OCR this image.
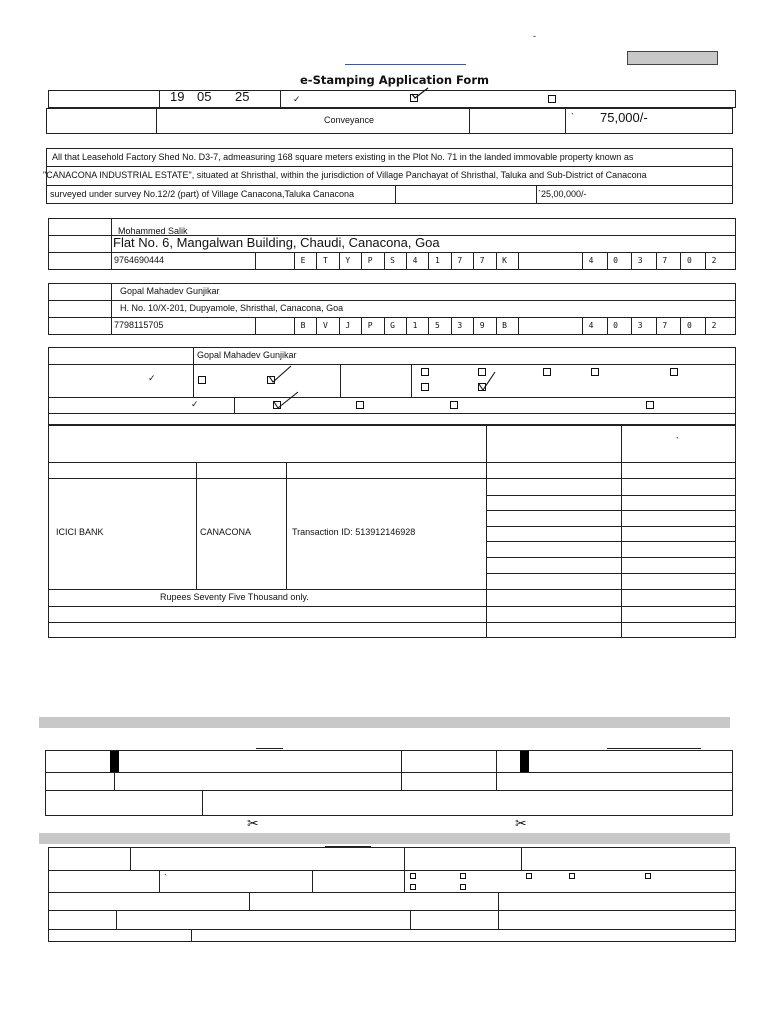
-
e-Stamping Application Form
19 05 25	✓
Conveyance	` 75,000/-
All that Leasehold Factory Shed No. D3-7, admeasuring 168 square meters existing in the Plot No. 71 in the landed immovable property known as
"CANACONA INDUSTRIAL ESTATE", situated at Shristhal, within the jurisdiction of Village Panchayat of Shristhal, Taluka and Sub-District of Canacona
surveyed under survey No.12/2 (part) of Village Canacona,Taluka Canacona	`25,00,000/-
Mohammed Salik
Flat No. 6, Mangalwan Building, Chaudi, Canacona, Goa
9764690444	E	T	Y	P	S	4	1	7	7	K	4	0	3	7	0	2
Gopal Mahadev Gunjikar
H. No. 10/X-201, Dupyamole, Shristhal, Canacona, Goa
7798115705	B	V	J	P	G	1	5	3	9	B	4	0	3	7	0	2
Gopal Mahadev Gunjikar
✓
✓
`
ICICI BANK	CANACONA	Transaction ID: 513912146928
Rupees Seventy Five Thousand only.
✂	✂
`
